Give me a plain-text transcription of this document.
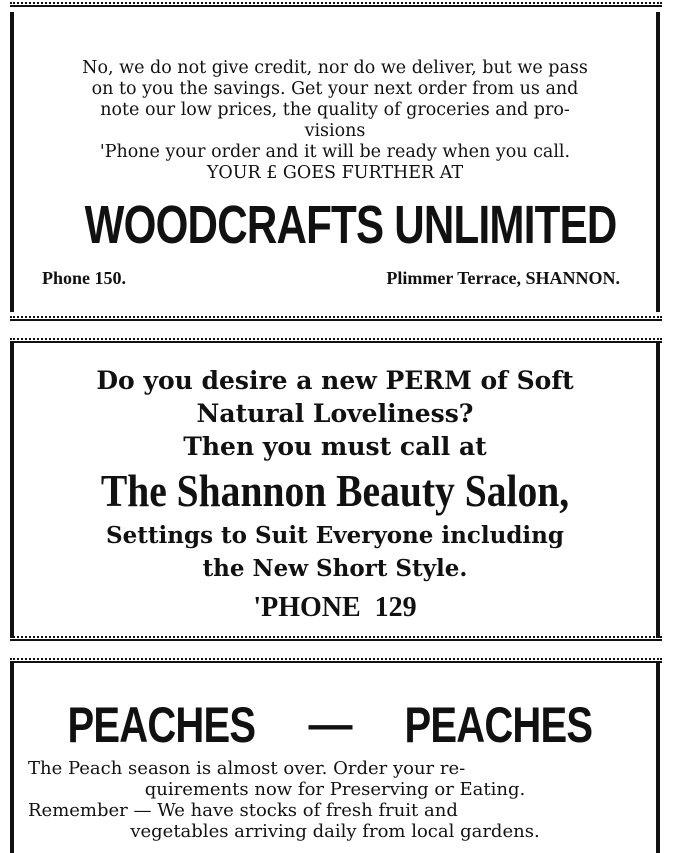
No, we do not give credit, nor do we deliver, but we pass

on to you the savings. Get your next order from us and

note our low prices, the quality of groceries and pro-

visions

'Phone your order and it will be ready when you call.

YOUR £ GOES FURTHER AT

WOODCRAFTS UNLIMITED
Phone 150.	Plimmer Terrace, SHANNON.
Do you desire a new PERM of Soft
Natural Loveliness?
Then you must call at
The Shannon Beauty Salon,
Settings to Suit Everyone including
the New Short Style.
'PHONE  129
PEACHES — PEACHES

The Peach season is almost over. Order your re-

quirements now for Preserving or Eating.

Remember — We have stocks of fresh fruit and

vegetables arriving daily from local gardens.
